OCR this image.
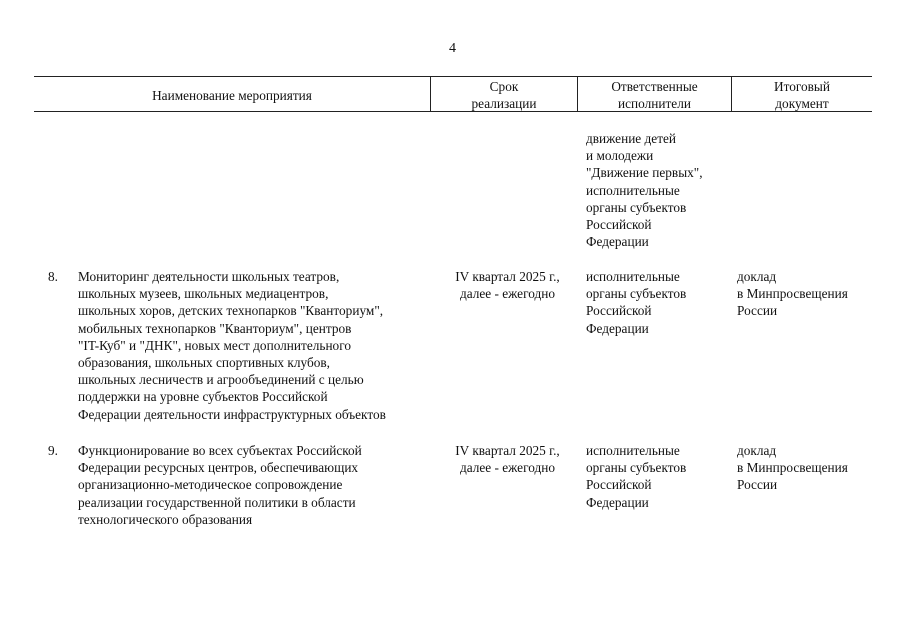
4
Наименование мероприятия
Срок
реализации
Ответственные
исполнители
Итоговый
документ
движение детей
и молодежи
"Движение первых",
исполнительные
органы субъектов
Российской
Федерации
8.	Мониторинг деятельности школьных театров,
школьных музеев, школьных медиацентров,
школьных хоров, детских технопарков "Кванториум",
мобильных технопарков "Кванториум", центров
"IT-Куб" и "ДНК", новых мест дополнительного
образования, школьных спортивных клубов,
школьных лесничеств и агрообъединений с целью
поддержки на уровне субъектов Российской
Федерации деятельности инфраструктурных объектов
IV квартал 2025 г.,
далее - ежегодно
исполнительные
органы субъектов
Российской
Федерации
доклад
в Минпросвещения
России
9.	Функционирование во всех субъектах Российской
Федерации ресурсных центров, обеспечивающих
организационно-методическое сопровождение
реализации государственной политики в области
технологического образования
IV квартал 2025 г.,
далее - ежегодно
исполнительные
органы субъектов
Российской
Федерации
доклад
в Минпросвещения
России
